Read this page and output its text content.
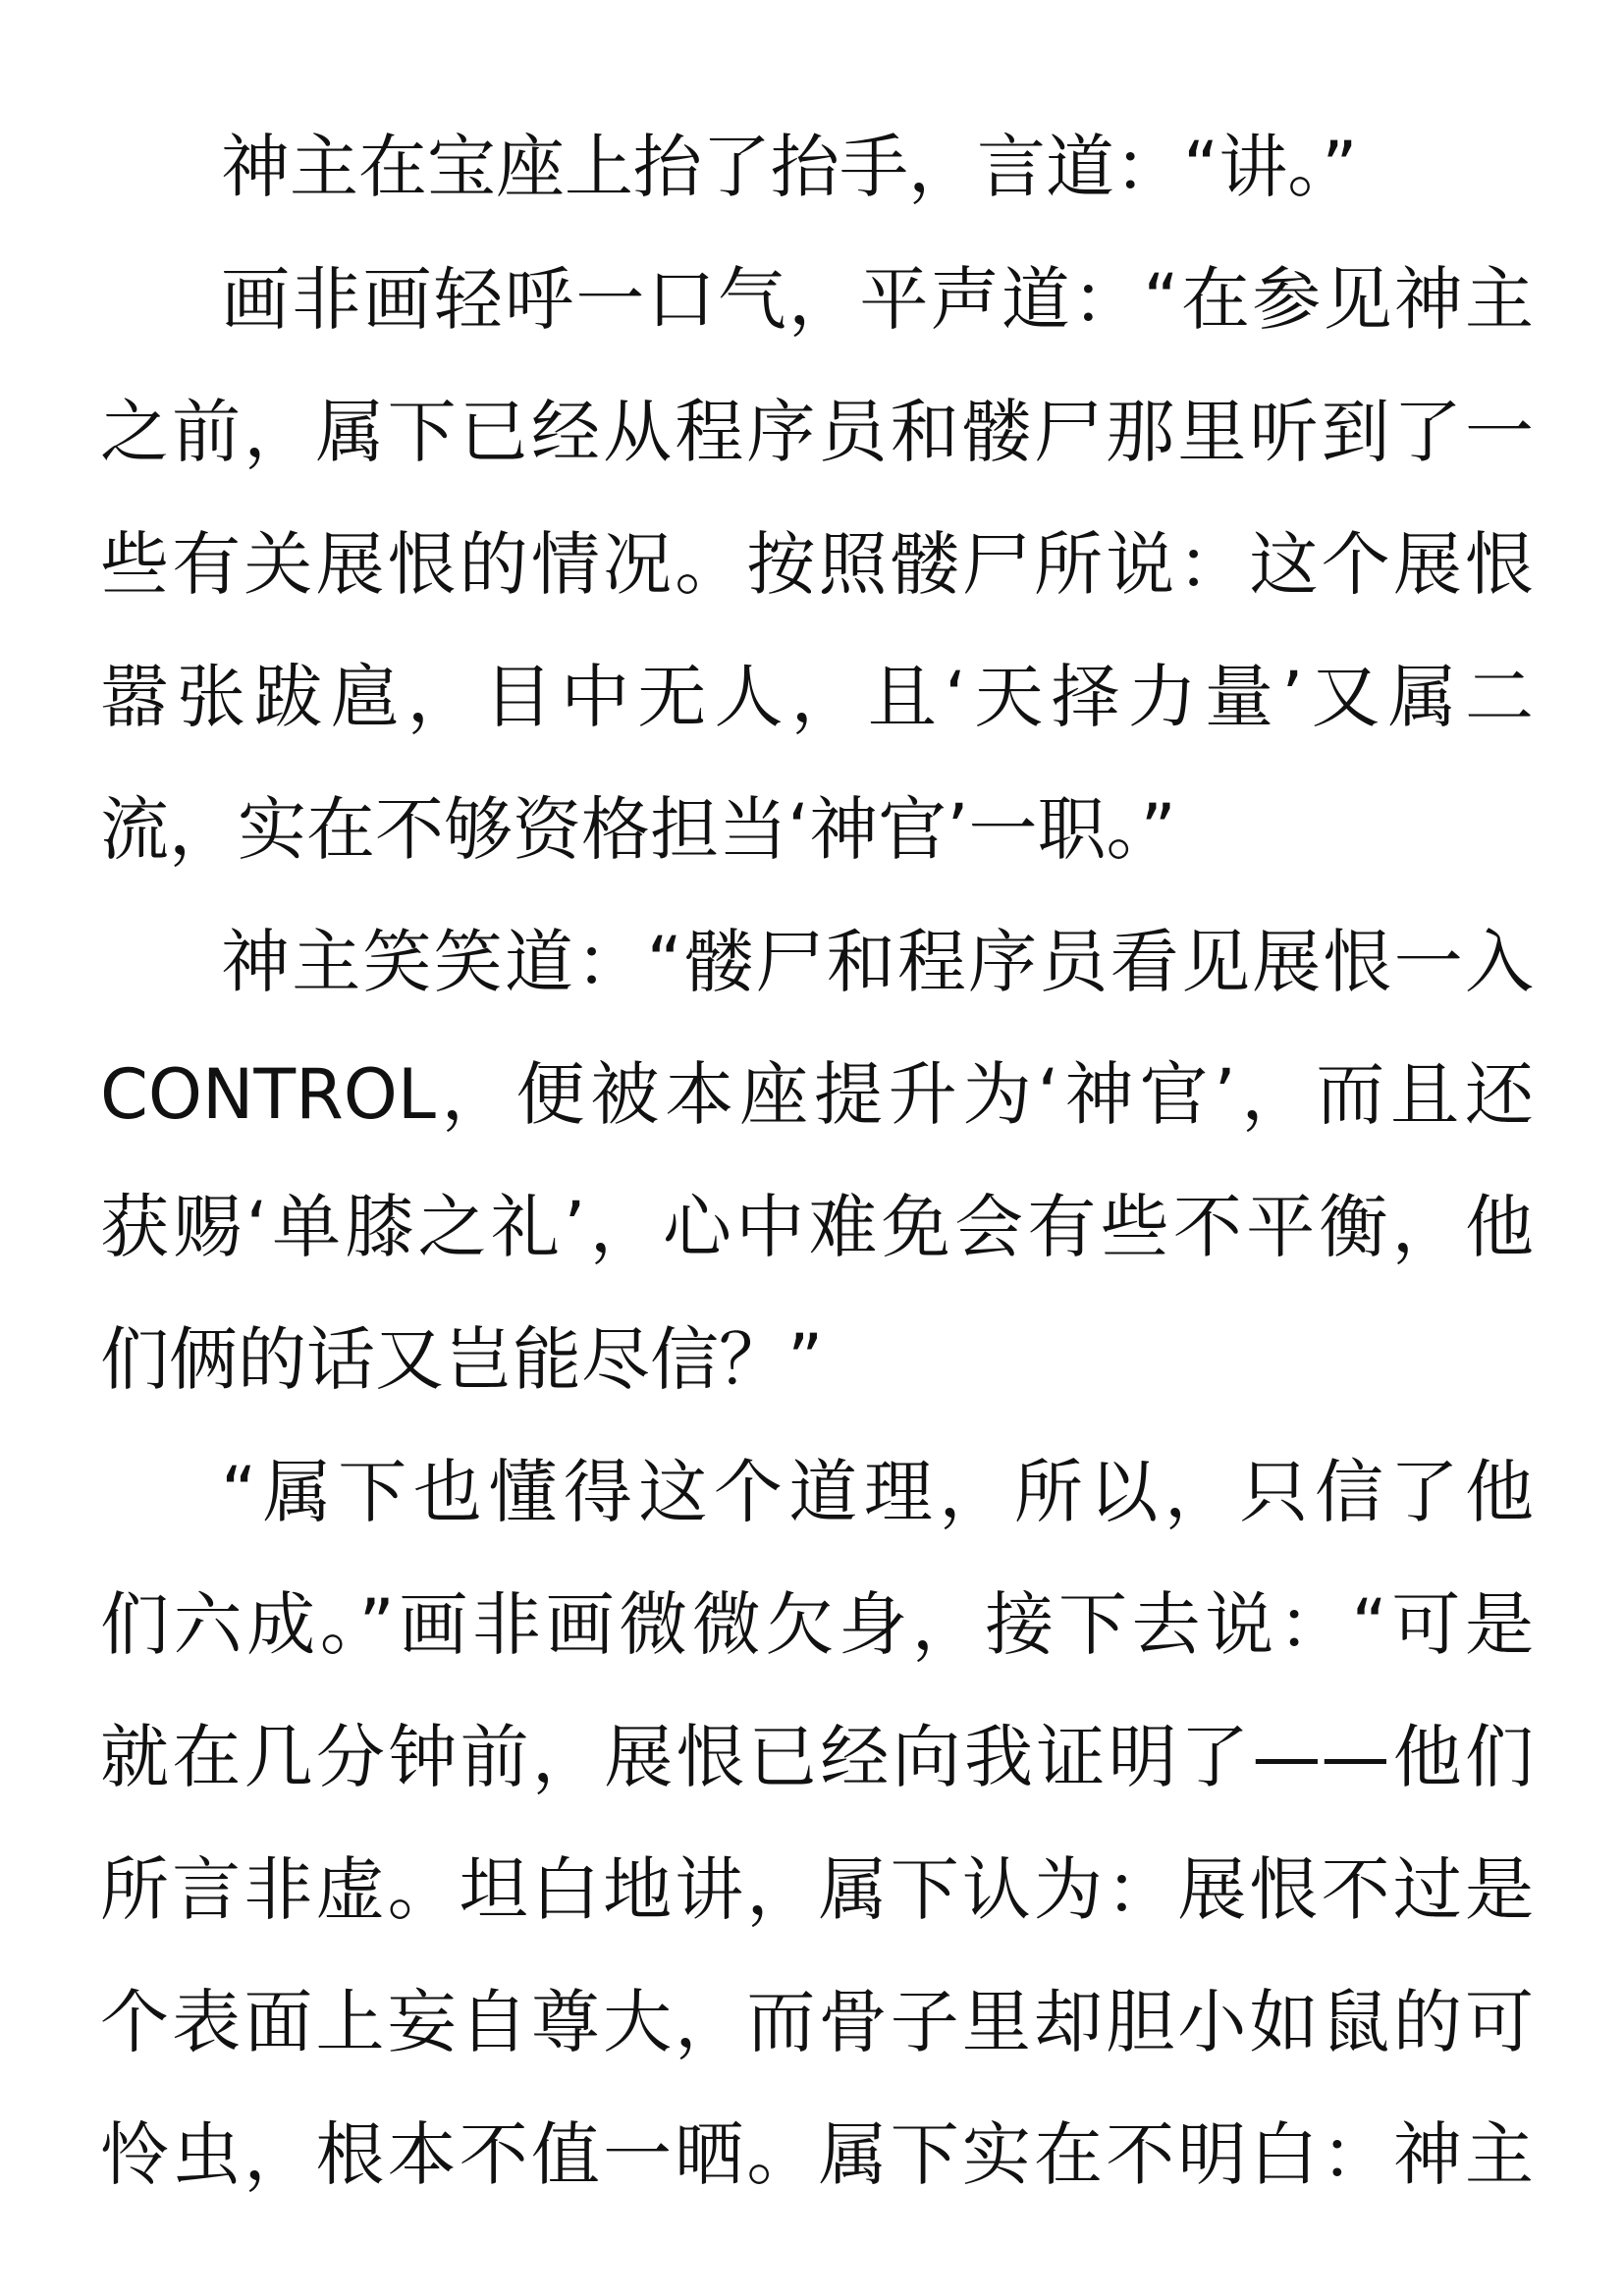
神主在宝座上抬了抬手，言道：“讲。”
画非画轻呼一口气，平声道：“在参见神主
之前，属下已经从程序员和髅尸那里听到了一
些有关展恨的情况。按照髅尸所说：这个展恨
嚣张跋扈，目中无人，且‘天择力量’又属二
流，实在不够资格担当‘神官’一职。”
神主笑笑道：“髅尸和程序员看见展恨一入
CONTROL，便被本座提升为‘神官’，而且还
获赐‘单膝之礼’，心中难免会有些不平衡，他
们俩的话又岂能尽信？”
“属下也懂得这个道理，所以，只信了他
们六成。”画非画微微欠身，接下去说：“可是
就在几分钟前，展恨已经向我证明了——他们
所言非虚。坦白地讲，属下认为：展恨不过是
个表面上妄自尊大，而骨子里却胆小如鼠的可
怜虫，根本不值一晒。属下实在不明白：神主
